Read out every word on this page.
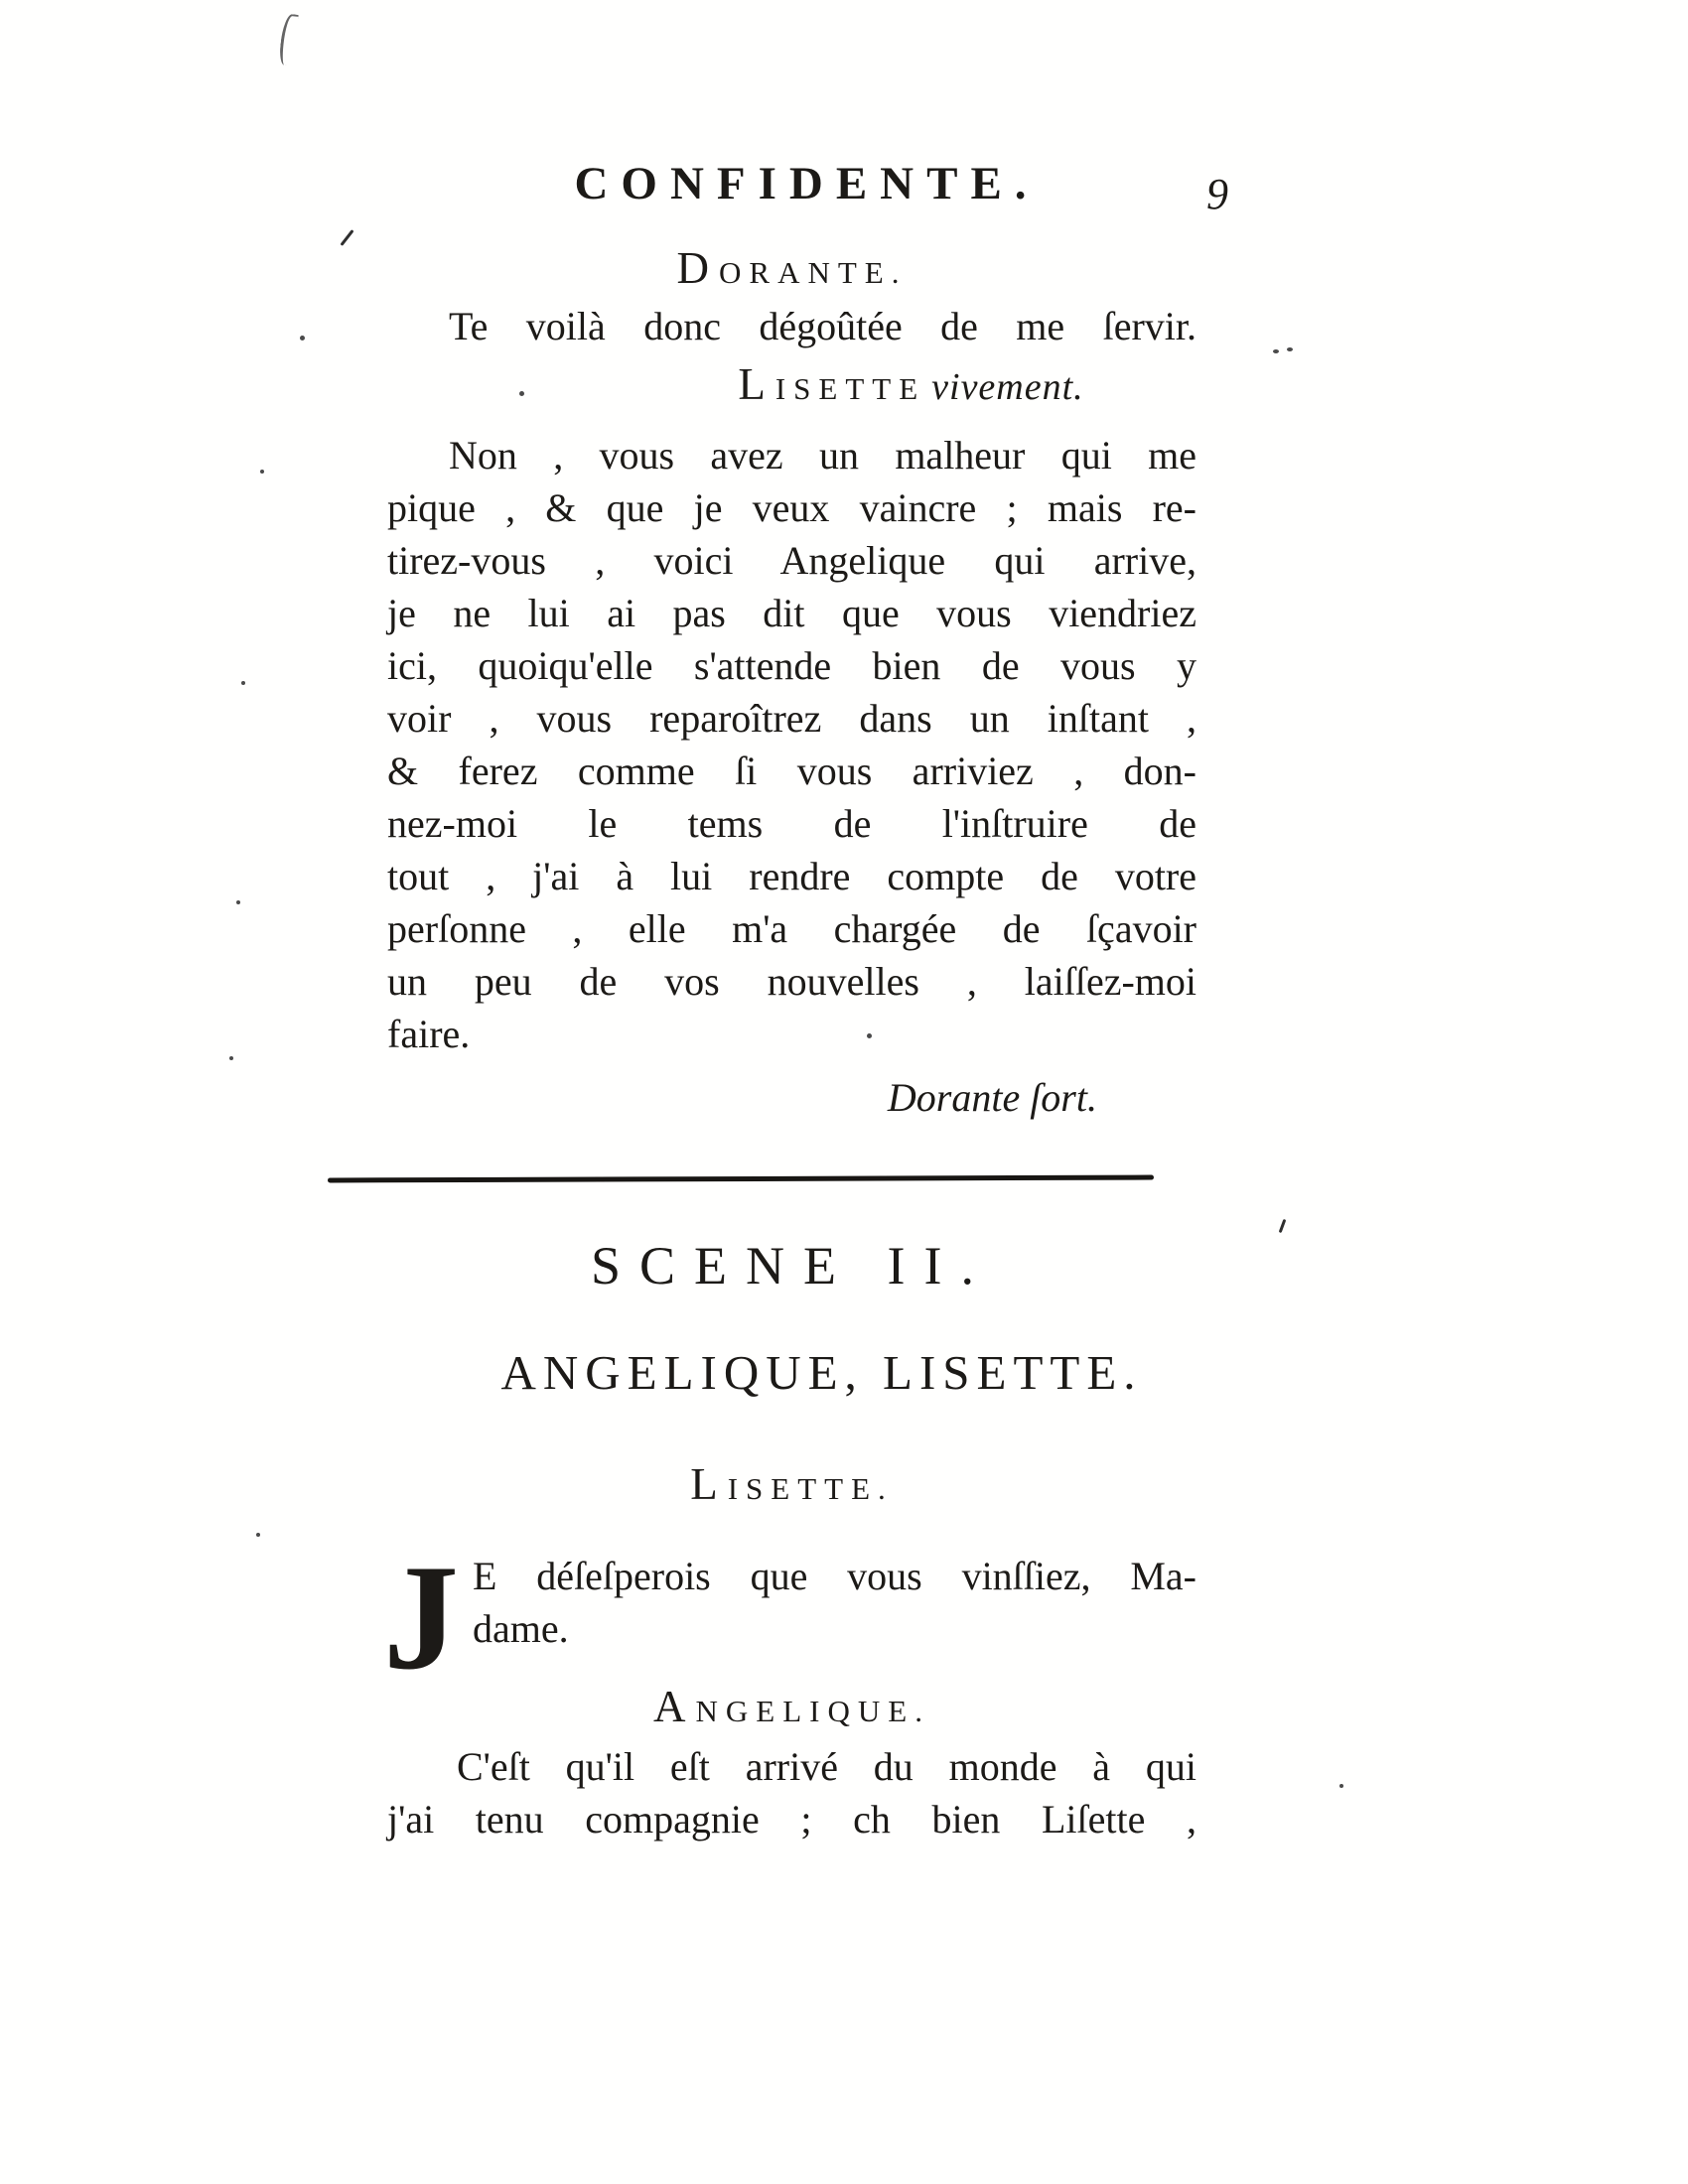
CONFIDENTE.	9
DORANTE.
Te voilà donc dégoûtée de me ſervir.
LISETTE vivement.
Non , vous avez un malheur qui me
pique , & que je veux vaincre ; mais re-
tirez-vous , voici Angelique qui arrive,
je ne lui ai pas dit que vous viendriez
ici, quoiqu'elle s'attende bien de vous y
voir , vous reparoîtrez dans un inſtant ,
& ferez comme ſi vous arriviez , don-
nez-moi le tems de l'inſtruire de
tout , j'ai à lui rendre compte de votre
perſonne , elle m'a chargée de ſçavoir
un peu de vos nouvelles , laiſſez-moi
faire.
Dorante ſort.
SCENE II.
ANGELIQUE, LISETTE.
LISETTE.
J E déſeſperois que vous vinſſiez, Ma-
dame.
ANGELIQUE.
C'eſt qu'il eſt arrivé du monde à qui
j'ai tenu compagnie ; ch bien Liſette ,
